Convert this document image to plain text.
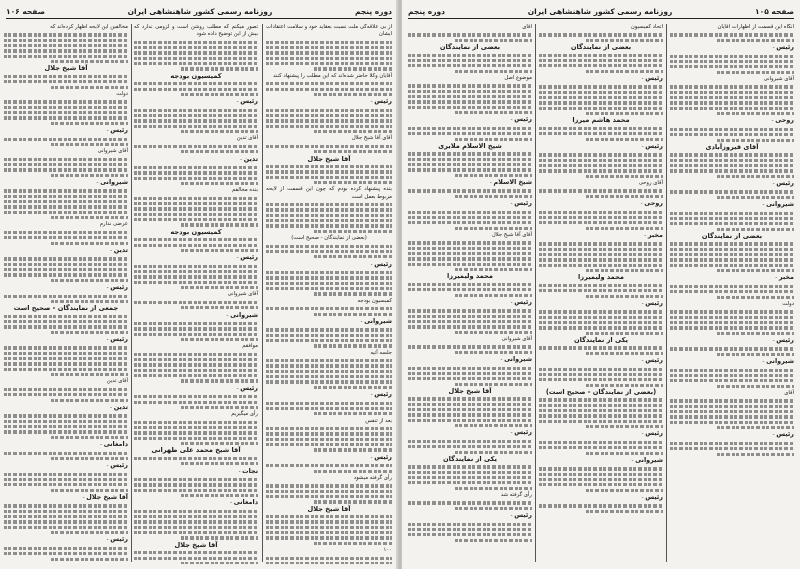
دوره پنجم
روزنامه رسمی کشور شاهنشاهی ایران
صفحه ۱۰۶

مخالفین این لایحه اظهار کرده‌اند که

آقا شیخ جلال

دولت

رئیس -

آقای شیروانی

شیروانی -

عرضی ندارم

تدین -

رئیس -

جمعی از نمایندگان - صحیح است

رئیس -

آقای تدین

تدین -

دامغانی -

رئیس -

آقا شیخ جلال -

رئیس -

تصور میکنم که مطلب روشن است و لزومی ندارد که بیش از این توضیح داده شود

کمیسیون بودجه

رئیس -

آقای تدین

تدین -

بنده مخالفم

کمیسیون بودجه

رئیس -

آقای شیروانی

شیروانی -

موافقم

رئیس -

رأی میگیریم

آقا شیخ محمد علی طهرانی

نجات -

دامغانی -

آقا شیخ جلال

از بی علاقه‌گی ملت نسبت بعقاید خود و سلامت اعتقادات ایشان

آقایان وکلا حاضر شده‌اند که این مطلب را پیشنهاد کنند

رئیس -

آقای آقا شیخ جلال

آقا شیخ جلال

بنده پیشنهاد کرده بودم که چون این قسمت از لایحه مربوط بعمل است

(بعضی از نمایندگان - صحیح است)

رئیس -

کمیسیون بودجه

شیروانی -

جلسه آتیه

رئیس -

بعد از تنفس

رئیس -

رأی گرفته میشود

آقا شیخ جلال

۱۰۰

صفحه ۱۰۵
روزنامه رسمی کشور شاهنشاهی ایران
دوره پنجم

آقای

بعضی از نمایندگان

موضوع اصل

رئیس -

شیخ الاسلام ملایری

شیخ الاسلام -

رئیس -

آقای آقا شیخ جلال

محمد ولیمیرزا

رئیس -

آقای شیروانی

شیروانی -

آقا شیخ جلال

رئیس -

یکی از نمایندگان

رأی گرفته شد

رئیس -

اتحاد کمیسیون

بعضی از نمایندگان

رئیس -

محمد هاشم میرزا

رئیس -

آقای روحی

روحی -

مخبر -

محمد ولیمیرزا

رئیس -

یکی از نمایندگان

رئیس -

(بعضی از نمایندگان - صحیح است)

رئیس -

شیروانی -

رئیس -

آنگاه این قسمت از اظهارات آقایان

رئیس -

آقای شیروانی

روحی -

آقای فیروزآبادی

رئیس -

شیروانی -

بعضی از نمایندگان

مخبر -

دولت

رئیس -

شیروانی -

آقای

رئیس -
